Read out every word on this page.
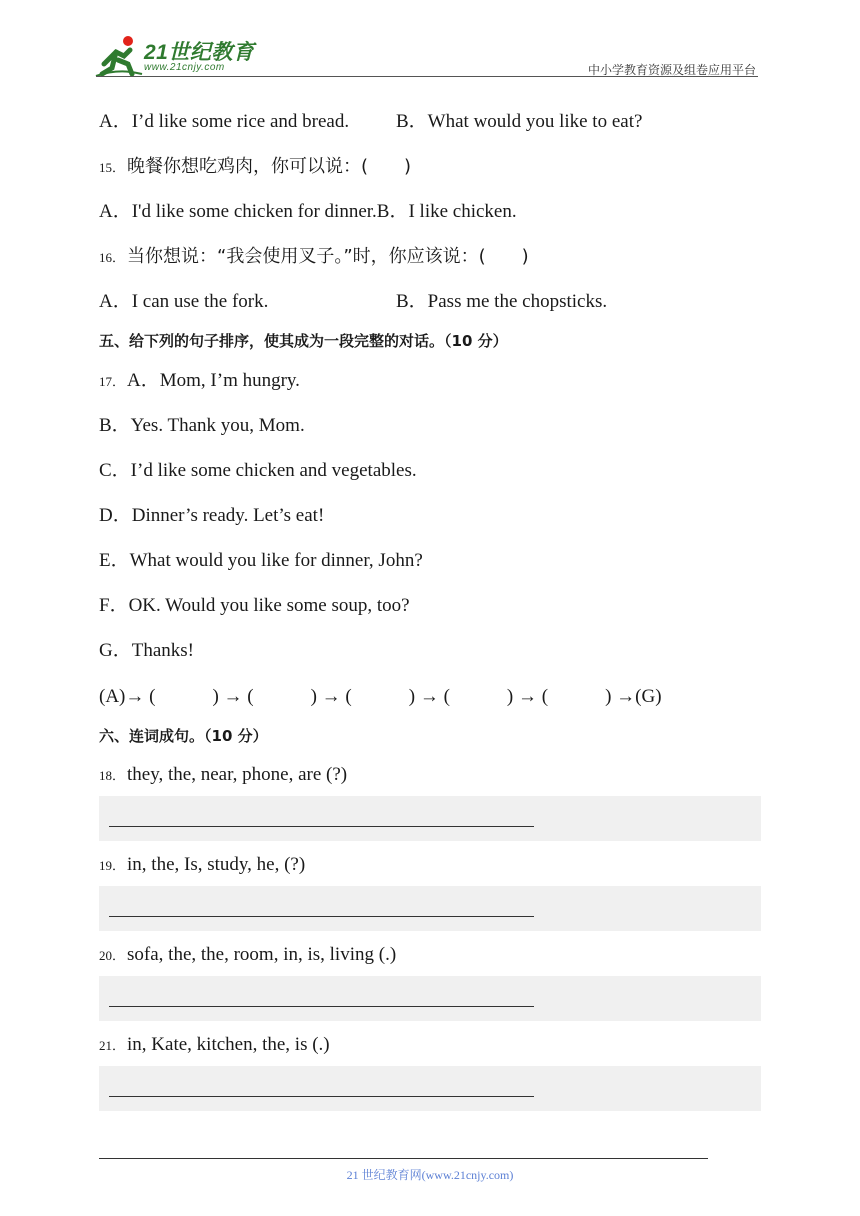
21世纪教育
www.21cnjy.com	中小学教育资源及组卷应用平台
A．I’d like some rice and bread. B．What would you like to eat?
15． 晚餐你想吃鸡肉，你可以说：(　　)
A．I'd like some chicken for dinner.B．I like chicken.
16． 当你想说：“我会使用叉子。”时，你应该说：(　　)
A．I can use the fork.	B．Pass me the chopsticks.
五、给下列的句子排序，使其成为一段完整的对话。（10 分）
17． A．Mom, I’m hungry.
B．Yes. Thank you, Mom.
C．I’d like some chicken and vegetables.
D．Dinner’s ready. Let’s eat!
E．What would you like for dinner, John?
F．OK. Would you like some soup, too?
G．Thanks!
(A)→ (　　　) → (　　　) → (　　　) → (　　　) → (　　　) →(G)
六、连词成句。（10 分）
18． they, the, near, phone, are (?)
19． in, the, Is, study, he, (?)
20． sofa, the, the, room, in, is, living (.)
21． in, Kate, kitchen, the, is (.)
21 世纪教育网(www.21cnjy.com)
